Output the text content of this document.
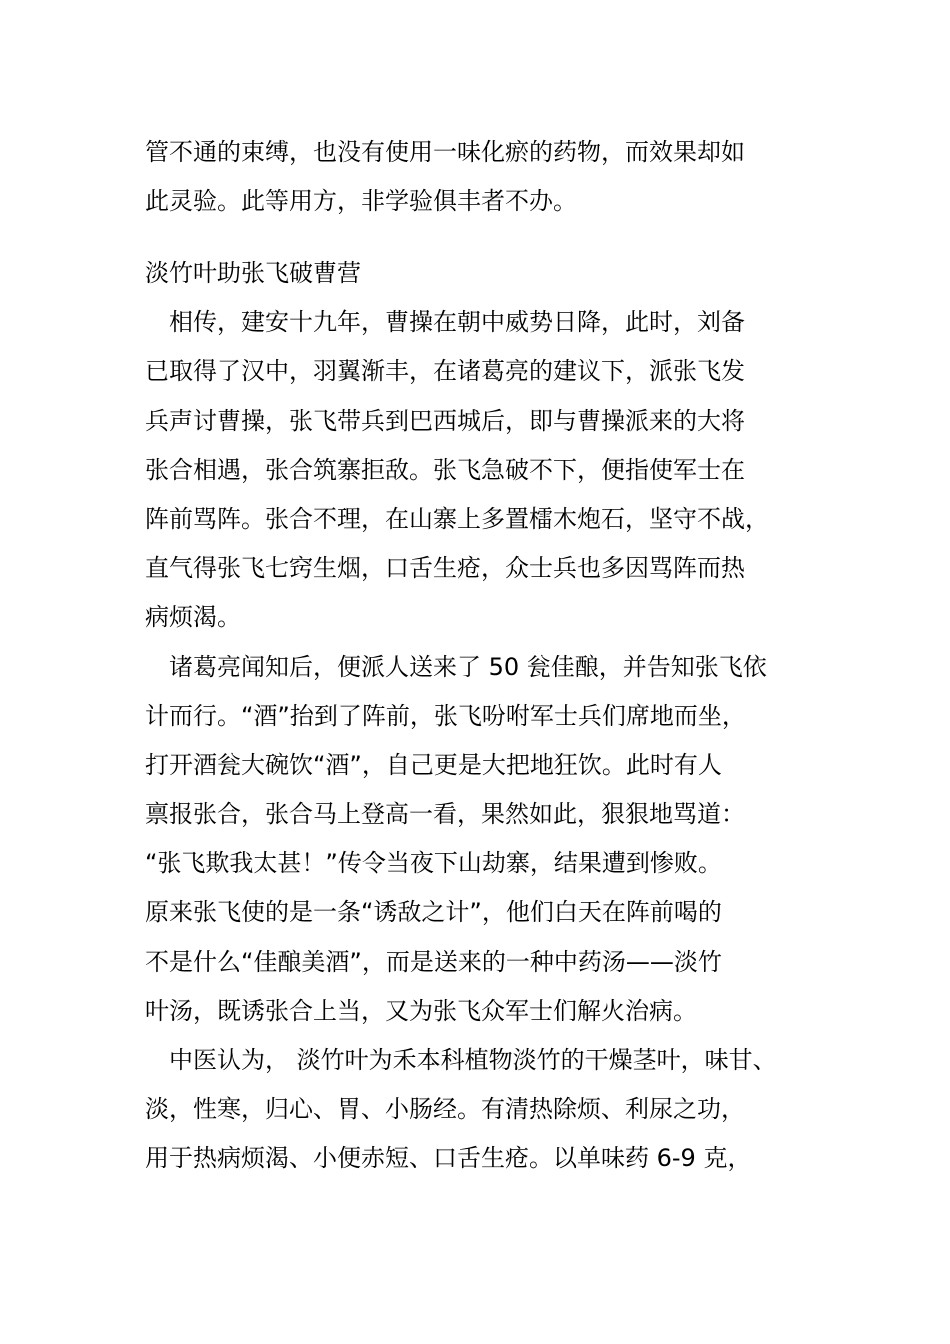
管不通的束缚，也没有使用一味化瘀的药物，而效果却如
此灵验。此等用方，非学验俱丰者不办。
淡竹叶助张飞破曹营
　相传，建安十九年，曹操在朝中威势日降，此时，刘备
已取得了汉中，羽翼渐丰，在诸葛亮的建议下，派张飞发
兵声讨曹操，张飞带兵到巴西城后，即与曹操派来的大将
张合相遇，张合筑寨拒敌。张飞急破不下，便指使军士在
阵前骂阵。张合不理，在山寨上多置檑木炮石，坚守不战，
直气得张飞七窍生烟，口舌生疮，众士兵也多因骂阵而热
病烦渴。
　诸葛亮闻知后，便派人送来了 50 瓮佳酿，并告知张飞依
计而行。“酒”抬到了阵前，张飞吩咐军士兵们席地而坐，
打开酒瓮大碗饮“酒”，自己更是大把地狂饮。此时有人
禀报张合，张合马上登高一看，果然如此，狠狠地骂道：
“张飞欺我太甚！”传令当夜下山劫寨，结果遭到惨败。
原来张飞使的是一条“诱敌之计”，他们白天在阵前喝的
不是什么“佳酿美酒”，而是送来的一种中药汤——淡竹
叶汤，既诱张合上当，又为张飞众军士们解火治病。
　中医认为， 淡竹叶为禾本科植物淡竹的干燥茎叶，味甘、
淡，性寒，归心、胃、小肠经。有清热除烦、利尿之功，
用于热病烦渴、小便赤短、口舌生疮。以单味药 6-9 克，
